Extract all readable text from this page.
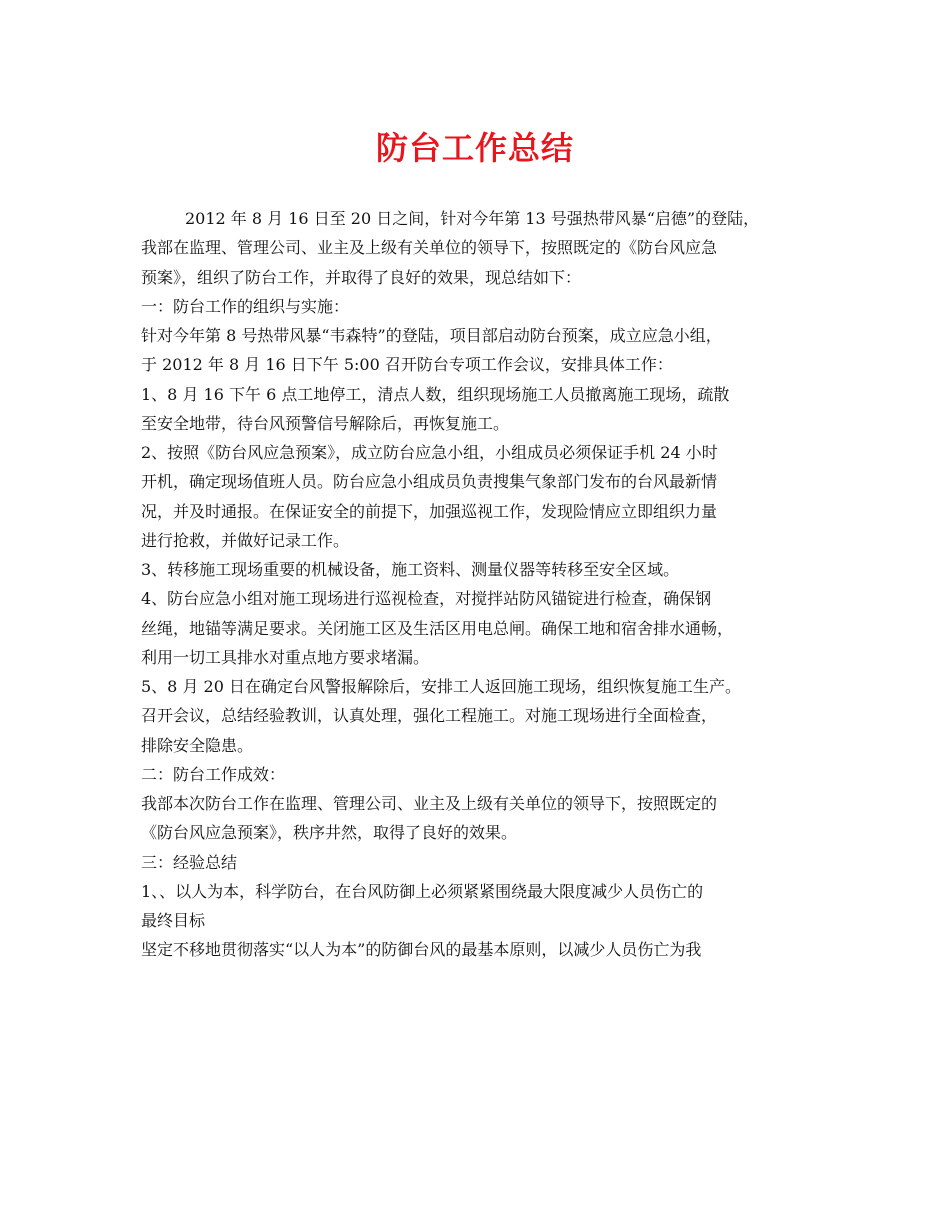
防台工作总结
2012 年 8 月 16 日至 20 日之间，针对今年第 13 号强热带风暴“启德”的登陆，
我部在监理、管理公司、业主及上级有关单位的领导下，按照既定的《防台风应急
预案》，组织了防台工作，并取得了良好的效果，现总结如下：
一：防台工作的组织与实施：
针对今年第 8 号热带风暴“韦森特”的登陆，项目部启动防台预案，成立应急小组，
于 2012 年 8 月 16 日下午 5:00 召开防台专项工作会议，安排具体工作：
1、8 月 16 下午 6 点工地停工，清点人数，组织现场施工人员撤离施工现场，疏散
至安全地带，待台风预警信号解除后，再恢复施工。
2、按照《防台风应急预案》，成立防台应急小组，小组成员必须保证手机 24 小时
开机，确定现场值班人员。防台应急小组成员负责搜集气象部门发布的台风最新情
况，并及时通报。在保证安全的前提下，加强巡视工作，发现险情应立即组织力量
进行抢救，并做好记录工作。
3、转移施工现场重要的机械设备，施工资料、测量仪器等转移至安全区域。
4、防台应急小组对施工现场进行巡视检查，对搅拌站防风锚锭进行检查，确保钢
丝绳，地锚等满足要求。关闭施工区及生活区用电总闸。确保工地和宿舍排水通畅，
利用一切工具排水对重点地方要求堵漏。
5、8 月 20 日在确定台风警报解除后，安排工人返回施工现场，组织恢复施工生产。
召开会议，总结经验教训，认真处理，强化工程施工。对施工现场进行全面检查，
排除安全隐患。
二：防台工作成效：
我部本次防台工作在监理、管理公司、业主及上级有关单位的领导下，按照既定的
《防台风应急预案》，秩序井然，取得了良好的效果。
三：经验总结
1、、以人为本，科学防台，在台风防御上必须紧紧围绕最大限度减少人员伤亡的
最终目标
坚定不移地贯彻落实“以人为本”的防御台风的最基本原则，以减少人员伤亡为我
